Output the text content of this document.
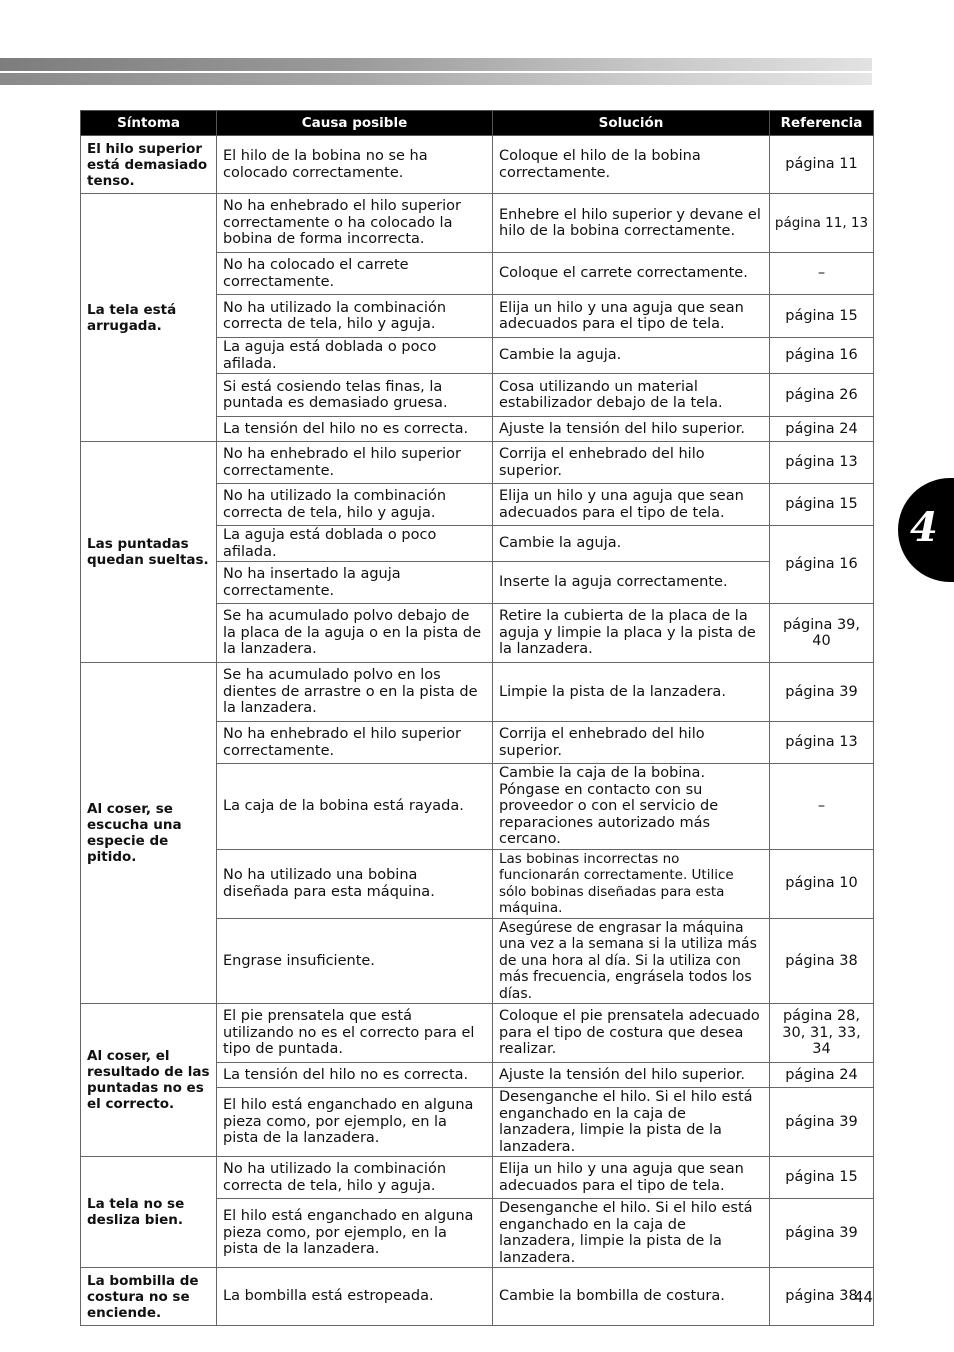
4
Síntoma	Causa posible	Solución	Referencia
El hilo superior está demasiado tenso.	El hilo de la bobina no se ha colocado correctamente.	Coloque el hilo de la bobina correctamente.	página 11
La tela está arrugada.	No ha enhebrado el hilo superior correctamente o ha colocado la bobina de forma incorrecta.	Enhebre el hilo superior y devane el hilo de la bobina correctamente.	página 11, 13
	No ha colocado el carrete correctamente.	Coloque el carrete correctamente.	–
	No ha utilizado la combinación correcta de tela, hilo y aguja.	Elija un hilo y una aguja que sean adecuados para el tipo de tela.	página 15
	La aguja está doblada o poco afilada.	Cambie la aguja.	página 16
	Si está cosiendo telas finas, la puntada es demasiado gruesa.	Cosa utilizando un material estabilizador debajo de la tela.	página 26
	La tensión del hilo no es correcta.	Ajuste la tensión del hilo superior.	página 24
Las puntadas quedan sueltas.	No ha enhebrado el hilo superior correctamente.	Corrija el enhebrado del hilo superior.	página 13
	No ha utilizado la combinación correcta de tela, hilo y aguja.	Elija un hilo y una aguja que sean adecuados para el tipo de tela.	página 15
	La aguja está doblada o poco afilada.	Cambie la aguja.	página 16
	No ha insertado la aguja correctamente.	Inserte la aguja correctamente.	
	Se ha acumulado polvo debajo de la placa de la aguja o en la pista de la lanzadera.	Retire la cubierta de la placa de la aguja y limpie la placa y la pista de la lanzadera.	página 39, 40
Al coser, se escucha una especie de pitido.	Se ha acumulado polvo en los dientes de arrastre o en la pista de la lanzadera.	Limpie la pista de la lanzadera.	página 39
	No ha enhebrado el hilo superior correctamente.	Corrija el enhebrado del hilo superior.	página 13
	La caja de la bobina está rayada.	Cambie la caja de la bobina. Póngase en contacto con su proveedor o con el servicio de reparaciones autorizado más cercano.	–
	No ha utilizado una bobina diseñada para esta máquina.	Las bobinas incorrectas no funcionarán correctamente. Utilice sólo bobinas diseñadas para esta máquina.	página 10
	Engrase insuficiente.	Asegúrese de engrasar la máquina una vez a la semana si la utiliza más de una hora al día. Si la utiliza con más frecuencia, engrásela todos los días.	página 38
Al coser, el resultado de las puntadas no es el correcto.	El pie prensatela que está utilizando no es el correcto para el tipo de puntada.	Coloque el pie prensatela adecuado para el tipo de costura que desea realizar.	página 28, 30, 31, 33, 34
	La tensión del hilo no es correcta.	Ajuste la tensión del hilo superior.	página 24
	El hilo está enganchado en alguna pieza como, por ejemplo, en la pista de la lanzadera.	Desenganche el hilo. Si el hilo está enganchado en la caja de lanzadera, limpie la pista de la lanzadera.	página 39
La tela no se desliza bien.	No ha utilizado la combinación correcta de tela, hilo y aguja.	Elija un hilo y una aguja que sean adecuados para el tipo de tela.	página 15
	El hilo está enganchado en alguna pieza como, por ejemplo, en la pista de la lanzadera.	Desenganche el hilo. Si el hilo está enganchado en la caja de lanzadera, limpie la pista de la lanzadera.	página 39
La bombilla de costura no se enciende.	La bombilla está estropeada.	Cambie la bombilla de costura.	página 38
44
